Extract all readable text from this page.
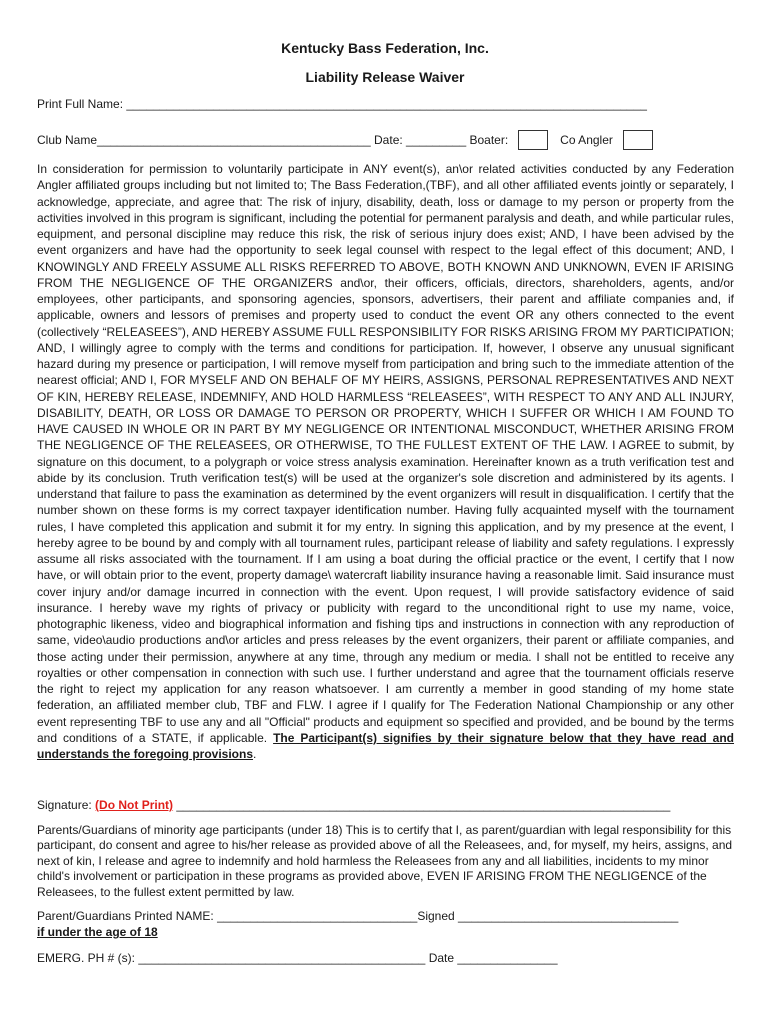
Kentucky Bass Federation, Inc.
Liability Release Waiver
Print Full Name: ______________________________________________________________________________
Club Name_________________________________________ Date: _________ Boater:	Co Angler
In consideration for permission to voluntarily participate in ANY event(s), an\or related activities conducted by any Federation Angler affiliated groups including but not limited to; The Bass Federation,(TBF), and all other affiliated events jointly or separately, I acknowledge, appreciate, and agree that: The risk of injury, disability, death, loss or damage to my person or property from the activities involved in this program is significant, including the potential for permanent paralysis and death, and while particular rules, equipment, and personal discipline may reduce this risk, the risk of serious injury does exist; AND, I have been advised by the event organizers and have had the opportunity to seek legal counsel with respect to the legal effect of this document; AND, I KNOWINGLY AND FREELY ASSUME ALL RISKS REFERRED TO ABOVE, BOTH KNOWN AND UNKNOWN, EVEN IF ARISING FROM THE NEGLIGENCE OF THE ORGANIZERS and\or, their officers, officials, directors, shareholders, agents, and/or employees, other participants, and sponsoring agencies, sponsors, advertisers, their parent and affiliate companies and, if applicable, owners and lessors of premises and property used to conduct the event OR any others connected to the event (collectively “RELEASEES”), AND HEREBY ASSUME FULL RESPONSIBILITY FOR RISKS ARISING FROM MY PARTICIPATION; AND, I willingly agree to comply with the terms and conditions for participation. If, however, I observe any unusual significant hazard during my presence or participation, I will remove myself from participation and bring such to the immediate attention of the nearest official; AND I, FOR MYSELF AND ON BEHALF OF MY HEIRS, ASSIGNS, PERSONAL REPRESENTATIVES AND NEXT OF KIN, HEREBY RELEASE, INDEMNIFY, AND HOLD HARMLESS “RELEASEES”, WITH RESPECT TO ANY AND ALL INJURY, DISABILITY, DEATH, OR LOSS OR DAMAGE TO PERSON OR PROPERTY, WHICH I SUFFER OR WHICH I AM FOUND TO HAVE CAUSED IN WHOLE OR IN PART BY MY NEGLIGENCE OR INTENTIONAL MISCONDUCT, WHETHER ARISING FROM THE NEGLIGENCE OF THE RELEASEES, OR OTHERWISE, TO THE FULLEST EXTENT OF THE LAW. I AGREE to submit, by signature on this document, to a polygraph or voice stress analysis examination. Hereinafter known as a truth verification test and abide by its conclusion. Truth verification test(s) will be used at the organizer's sole discretion and administered by its agents. I understand that failure to pass the examination as determined by the event organizers will result in disqualification. I certify that the number shown on these forms is my correct taxpayer identification number. Having fully acquainted myself with the tournament rules, I have completed this application and submit it for my entry. In signing this application, and by my presence at the event, I hereby agree to be bound by and comply with all tournament rules, participant release of liability and safety regulations. I expressly assume all risks associated with the tournament. If I am using a boat during the official practice or the event, I certify that I now have, or will obtain prior to the event, property damage\ watercraft liability insurance having a reasonable limit. Said insurance must cover injury and/or damage incurred in connection with the event. Upon request, I will provide satisfactory evidence of said insurance. I hereby wave my rights of privacy or publicity with regard to the unconditional right to use my name, voice, photographic likeness, video and biographical information and fishing tips and instructions in connection with any reproduction of same, video\audio productions and\or articles and press releases by the event organizers, their parent or affiliate companies, and those acting under their permission, anywhere at any time, through any medium or media. I shall not be entitled to receive any royalties or other compensation in connection with such use. I further understand and agree that the tournament officials reserve the right to reject my application for any reason whatsoever. I am currently a member in good standing of my home state federation, an affiliated member club, TBF and FLW. I agree if I qualify for The Federation National Championship or any other event representing TBF to use any and all "Official" products and equipment so specified and provided, and be bound by the terms and conditions of a STATE, if applicable. The Participant(s) signifies by their signature below that they have read and understands the foregoing provisions.
Signature: (Do Not Print) __________________________________________________________________________
Parents/Guardians of minority age participants (under 18) This is to certify that I, as parent/guardian with legal responsibility for this participant, do consent and agree to his/her release as provided above of all the Releasees, and, for myself, my heirs, assigns, and next of kin, I release and agree to indemnify and hold harmless the Releasees from any and all liabilities, incidents to my minor child's involvement or participation in these programs as provided above, EVEN IF ARISING FROM THE NEGLIGENCE of the Releasees, to the fullest extent permitted by law.
Parent/Guardians Printed NAME: ______________________________Signed _________________________________
if under the age of 18
EMERG. PH # (s): ___________________________________________ Date _______________
